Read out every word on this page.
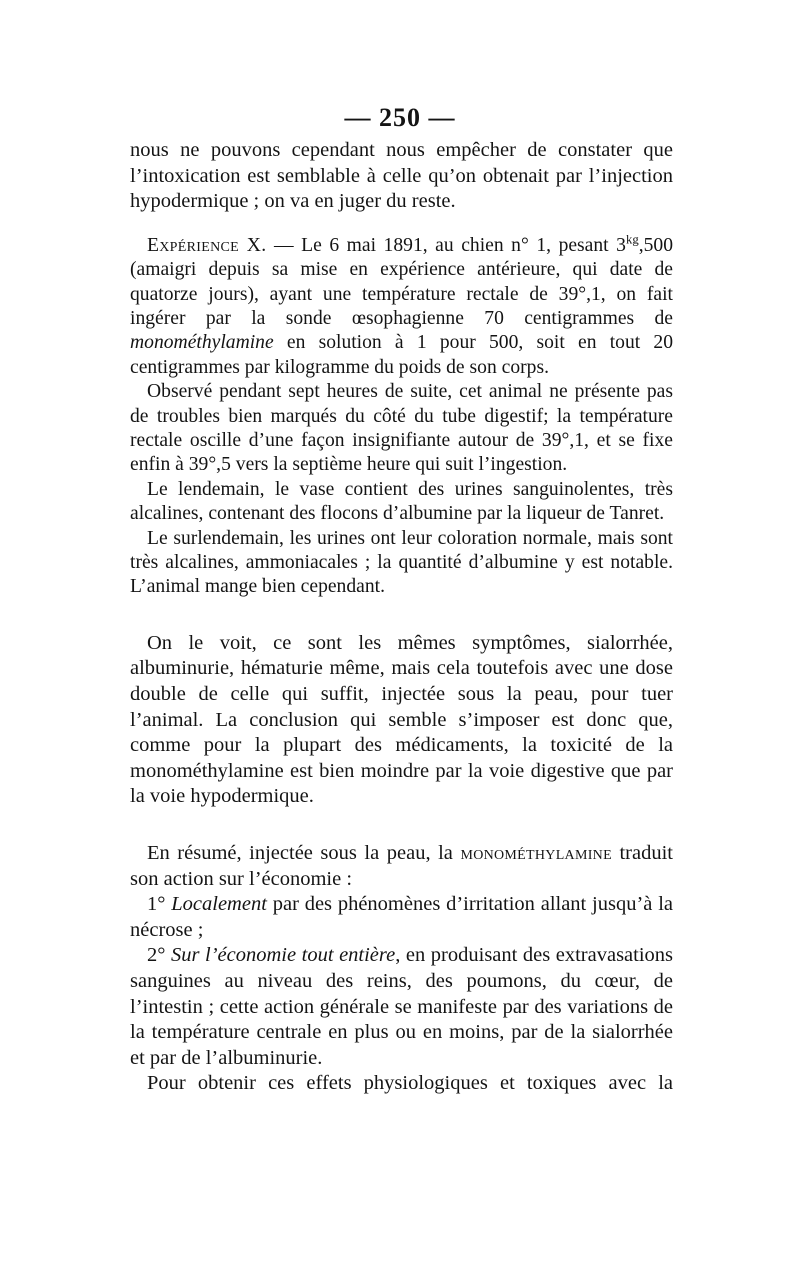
— 250 —

nous ne pouvons cependant nous empêcher de constater que l’intoxication est semblable à celle qu’on obtenait par l’injection hypodermique ; on va en juger du reste.

Expérience X. — Le 6 mai 1891, au chien n° 1, pesant $3^{kg},500$ (amaigri depuis sa mise en expérience antérieure, qui date de quatorze jours), ayant une température rectale de 39°,1, on fait ingérer par la sonde œsophagienne 70 centigrammes de monométhylamine en solution à 1 pour 500, soit en tout 20 centigrammes par kilogramme du poids de son corps.

Observé pendant sept heures de suite, cet animal ne présente pas de troubles bien marqués du côté du tube digestif; la température rectale oscille d’une façon insignifiante autour de 39°,1, et se fixe enfin à 39°,5 vers la septième heure qui suit l’ingestion.

Le lendemain, le vase contient des urines sanguinolentes, très alcalines, contenant des flocons d’albumine par la liqueur de Tanret.

Le surlendemain, les urines ont leur coloration normale, mais sont très alcalines, ammoniacales ; la quantité d’albumine y est notable. L’animal mange bien cependant.

On le voit, ce sont les mêmes symptômes, sialorrhée, albuminurie, hématurie même, mais cela toutefois avec une dose double de celle qui suffit, injectée sous la peau, pour tuer l’animal. La conclusion qui semble s’imposer est donc que, comme pour la plupart des médicaments, la toxicité de la monométhylamine est bien moindre par la voie digestive que par la voie hypodermique.

En résumé, injectée sous la peau, la monométhylamine traduit son action sur l’économie :

1° Localement par des phénomènes d’irritation allant jusqu’à la nécrose ;

2° Sur l’économie tout entière, en produisant des extravasations sanguines au niveau des reins, des poumons, du cœur, de l’intestin ; cette action générale se manifeste par des variations de la température centrale en plus ou en moins, par de la sialorrhée et par de l’albuminurie.

Pour obtenir ces effets physiologiques et toxiques avec la
